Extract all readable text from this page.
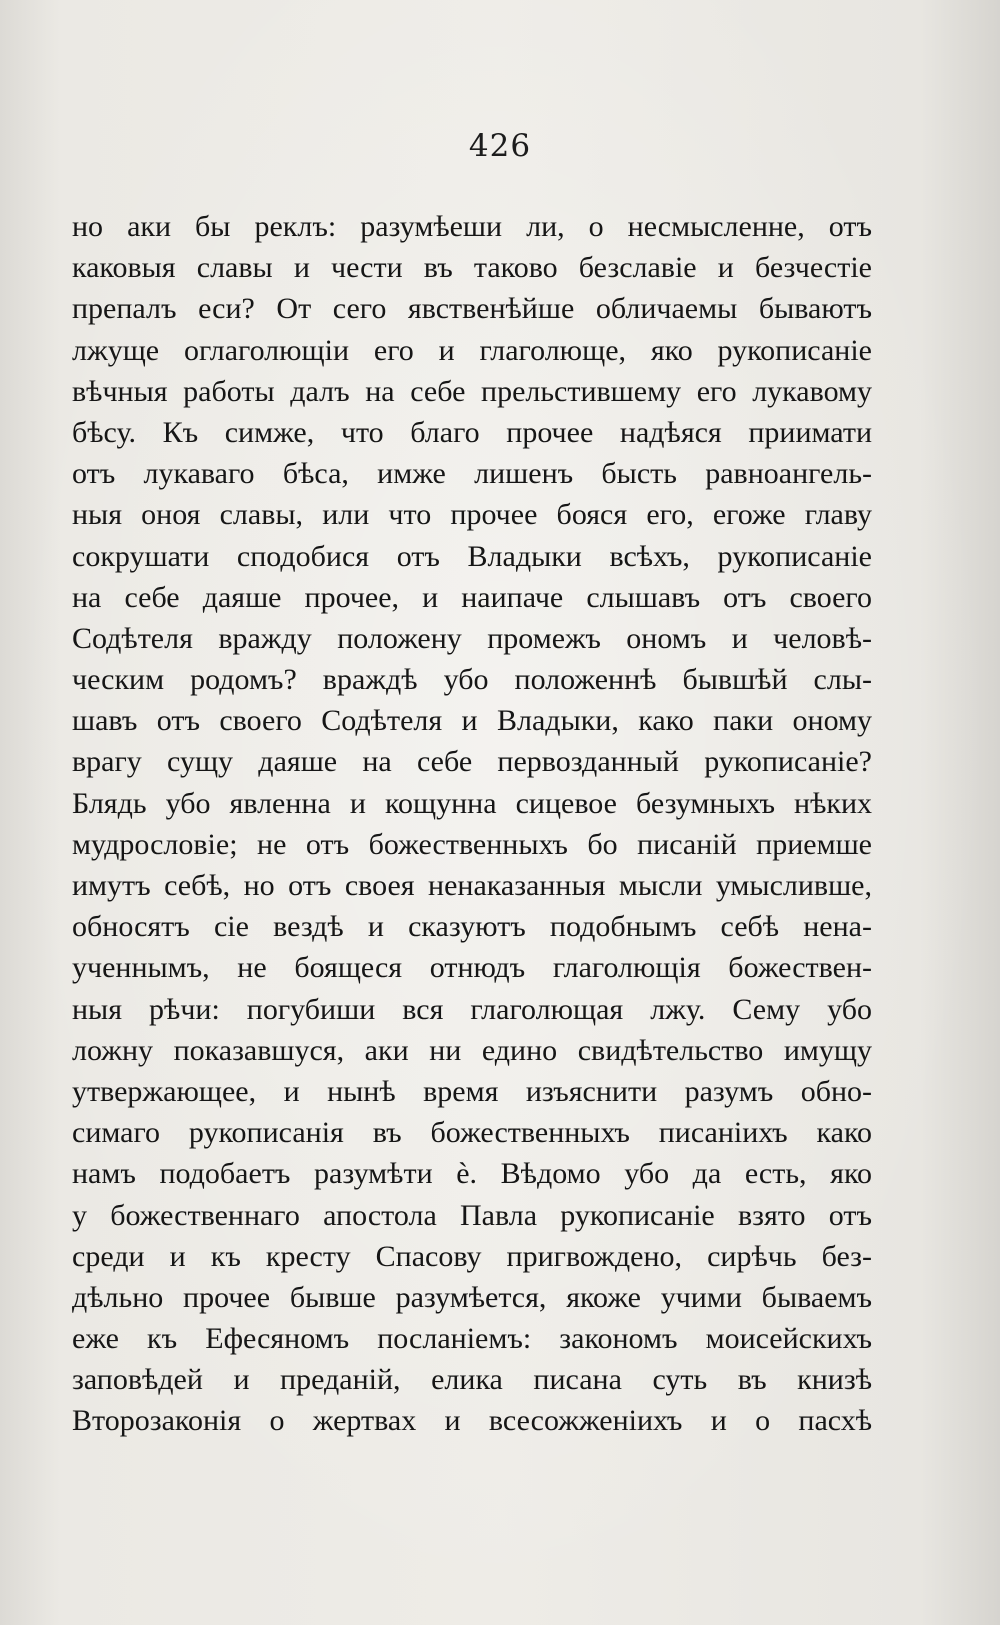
426
но аки бы реклъ: разумѣеши ли, о несмысленне, отъ
каковыя славы и чести въ таково безславіе и безчестіе
препалъ еси? От сего явственѣйше обличаемы бываютъ
лжуще оглаголющіи его и глаголюще, яко рукописаніе
вѣчныя работы далъ на себе прельстившему его лукавому
бѣсу. Къ симже, что благо прочее надѣяся приимати
отъ лукаваго бѣса, имже лишенъ бысть равноангель-
ныя оноя славы, или что прочее бояся его, егоже главу
сокрушати сподобися отъ Владыки всѣхъ, рукописаніе
на себе даяше прочее, и наипаче слышавъ отъ своего
Содѣтеля вражду положену промежъ ономъ и человѣ-
ческим родомъ? враждѣ убо положеннѣ бывшѣй слы-
шавъ отъ своего Содѣтеля и Владыки, како паки оному
врагу сущу даяше на себе первозданный рукописаніе?
Блядь убо явленна и кощунна сицевое безумныхъ нѣких
мудрословіе; не отъ божественныхъ бо писаній приемше
имутъ себѣ, но отъ своея ненаказанныя мысли умысливше,
обносятъ сіе вездѣ и сказуютъ подобнымъ себѣ нена-
ученнымъ, не боящеся отнюдъ глаголющія божествен-
ныя рѣчи: погубиши вся глаголющая лжу. Сему убо
ложну показавшуся, аки ни едино свидѣтельство имущу
утвержающее, и нынѣ время изъяснити разумъ обно-
симаго рукописанія въ божественныхъ писаніихъ како
намъ подобаетъ разумѣти è. Вѣдомо убо да есть, яко
у божественнаго апостола Павла рукописаніе взято отъ
среди и къ кресту Спасову пригвождено, сирѣчь без-
дѣльно прочее бывше разумѣется, якоже учими бываемъ
еже къ Ефесяномъ посланіемъ: закономъ моисейскихъ
заповѣдей и преданій, елика писана суть въ книзѣ
Второзаконія о жертвах и всесожженіихъ и о пасхѣ
